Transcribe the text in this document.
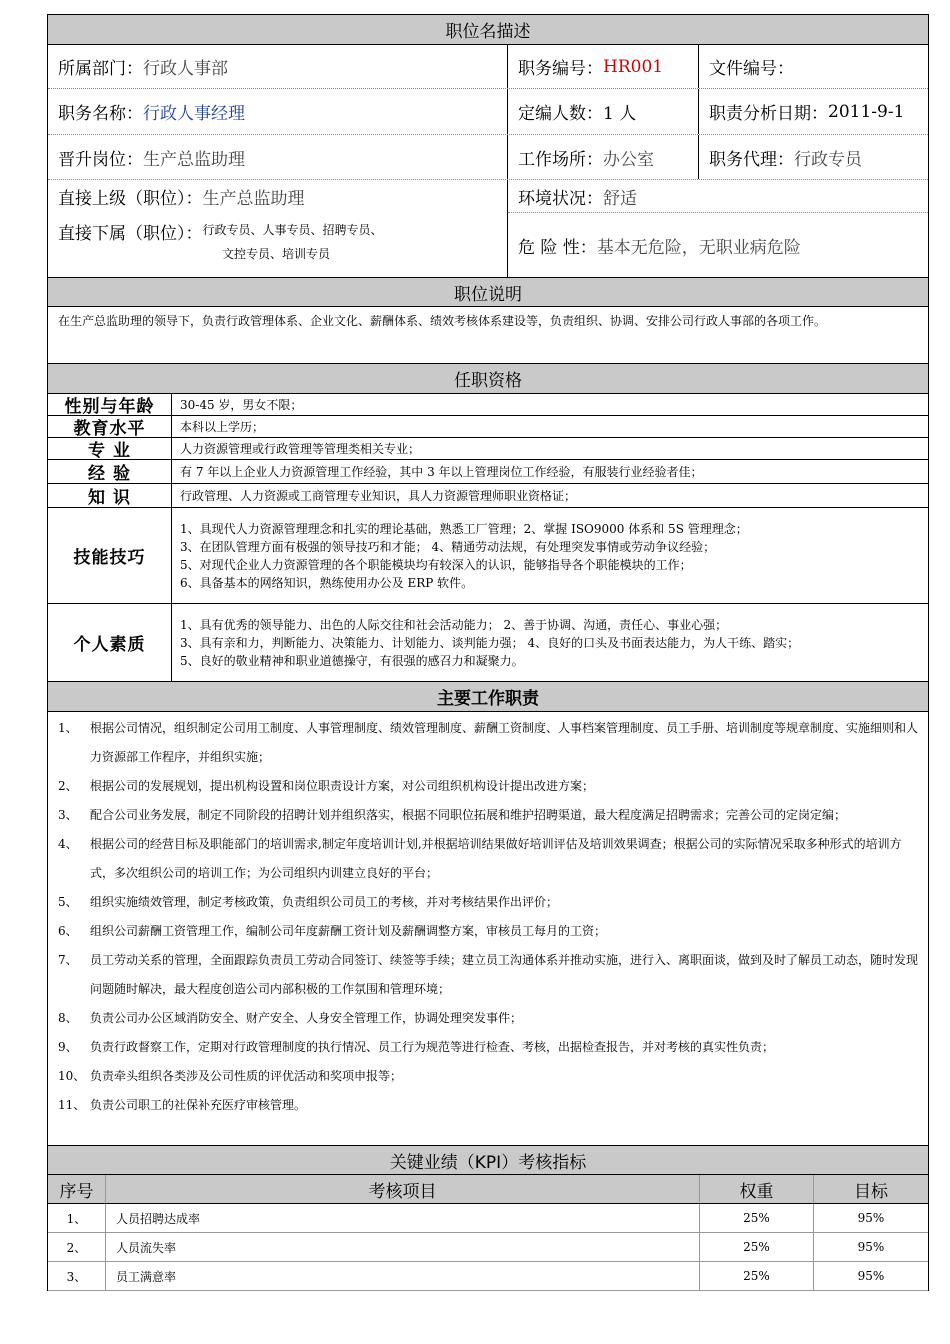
职位名描述
所属部门： 行政人事部	职务编号： HR001	文件编号：
职务名称： 行政人事经理	定编人数： 1 人	职责分析日期： 2011-9-1
晋升岗位： 生产总监助理	工作场所： 办公室	职务代理： 行政专员
直接上级（职位）： 生产总监助理
直接下属（职位）： 行政专员、人事专员、招聘专员、
文控专员、培训专员
环境状况： 舒适
危 险 性： 基本无危险，无职业病危险
职位说明
在生产总监助理的领导下，负责行政管理体系、企业文化、薪酬体系、绩效考核体系建设等，负责组织、协调、安排公司行政人事部的各项工作。
任职资格
性别与年龄	30-45 岁，男女不限；
教育水平	本科以上学历；
专 业	人力资源管理或行政管理等管理类相关专业；
经 验	有 7 年以上企业人力资源管理工作经验，其中 3 年以上管理岗位工作经验，有服装行业经验者佳；
知 识	行政管理、人力资源或工商管理专业知识，具人力资源管理师职业资格证；
技能技巧
1、具现代人力资源管理理念和扎实的理论基础，熟悉工厂管理；2、掌握 ISO9000 体系和 5S 管理理念；
3、在团队管理方面有极强的领导技巧和才能； 4、精通劳动法规，有处理突发事情或劳动争议经验；
5、对现代企业人力资源管理的各个职能模块均有较深入的认识，能够指导各个职能模块的工作；
6、具备基本的网络知识，熟练使用办公及 ERP 软件。
个人素质
1、具有优秀的领导能力、出色的人际交往和社会活动能力； 2、善于协调、沟通，责任心、事业心强；
3、具有亲和力，判断能力、决策能力、计划能力、谈判能力强； 4、良好的口头及书面表达能力，为人干练、踏实；
5、良好的敬业精神和职业道德操守，有很强的感召力和凝聚力。
主要工作职责
1、	根据公司情况，组织制定公司用工制度、人事管理制度、绩效管理制度、薪酬工资制度、人事档案管理制度、员工手册、培训制度等规章制度、实施细则和人力资源部工作程序，并组织实施；
2、	根据公司的发展规划，提出机构设置和岗位职责设计方案，对公司组织机构设计提出改进方案；
3、	配合公司业务发展，制定不同阶段的招聘计划并组织落实，根据不同职位拓展和维护招聘渠道，最大程度满足招聘需求；完善公司的定岗定编；
4、	根据公司的经营目标及职能部门的培训需求,制定年度培训计划,并根据培训结果做好培训评估及培训效果调查；根据公司的实际情况采取多种形式的培训方式，多次组织公司的培训工作；为公司组织内训建立良好的平台；
5、	组织实施绩效管理，制定考核政策，负责组织公司员工的考核，并对考核结果作出评价；
6、	组织公司薪酬工资管理工作，编制公司年度薪酬工资计划及薪酬调整方案，审核员工每月的工资；
7、	员工劳动关系的管理，全面跟踪负责员工劳动合同签订、续签等手续；建立员工沟通体系并推动实施，进行入、离职面谈，做到及时了解员工动态，随时发现问题随时解决，最大程度创造公司内部积极的工作氛围和管理环境；
8、	负责公司办公区域消防安全、财产安全、人身安全管理工作，协调处理突发事件；
9、	负责行政督察工作，定期对行政管理制度的执行情况、员工行为规范等进行检查、考核，出据检查报告，并对考核的真实性负责；
10、 负责牵头组织各类涉及公司性质的评优活动和奖项申报等；
11、 负责公司职工的社保补充医疗审核管理。
关键业绩（KPI）考核指标
序号	考核项目	权重	目标
1、	人员招聘达成率	25%	95%
2、	人员流失率	25%	95%
3、	员工满意率	25%	95%
